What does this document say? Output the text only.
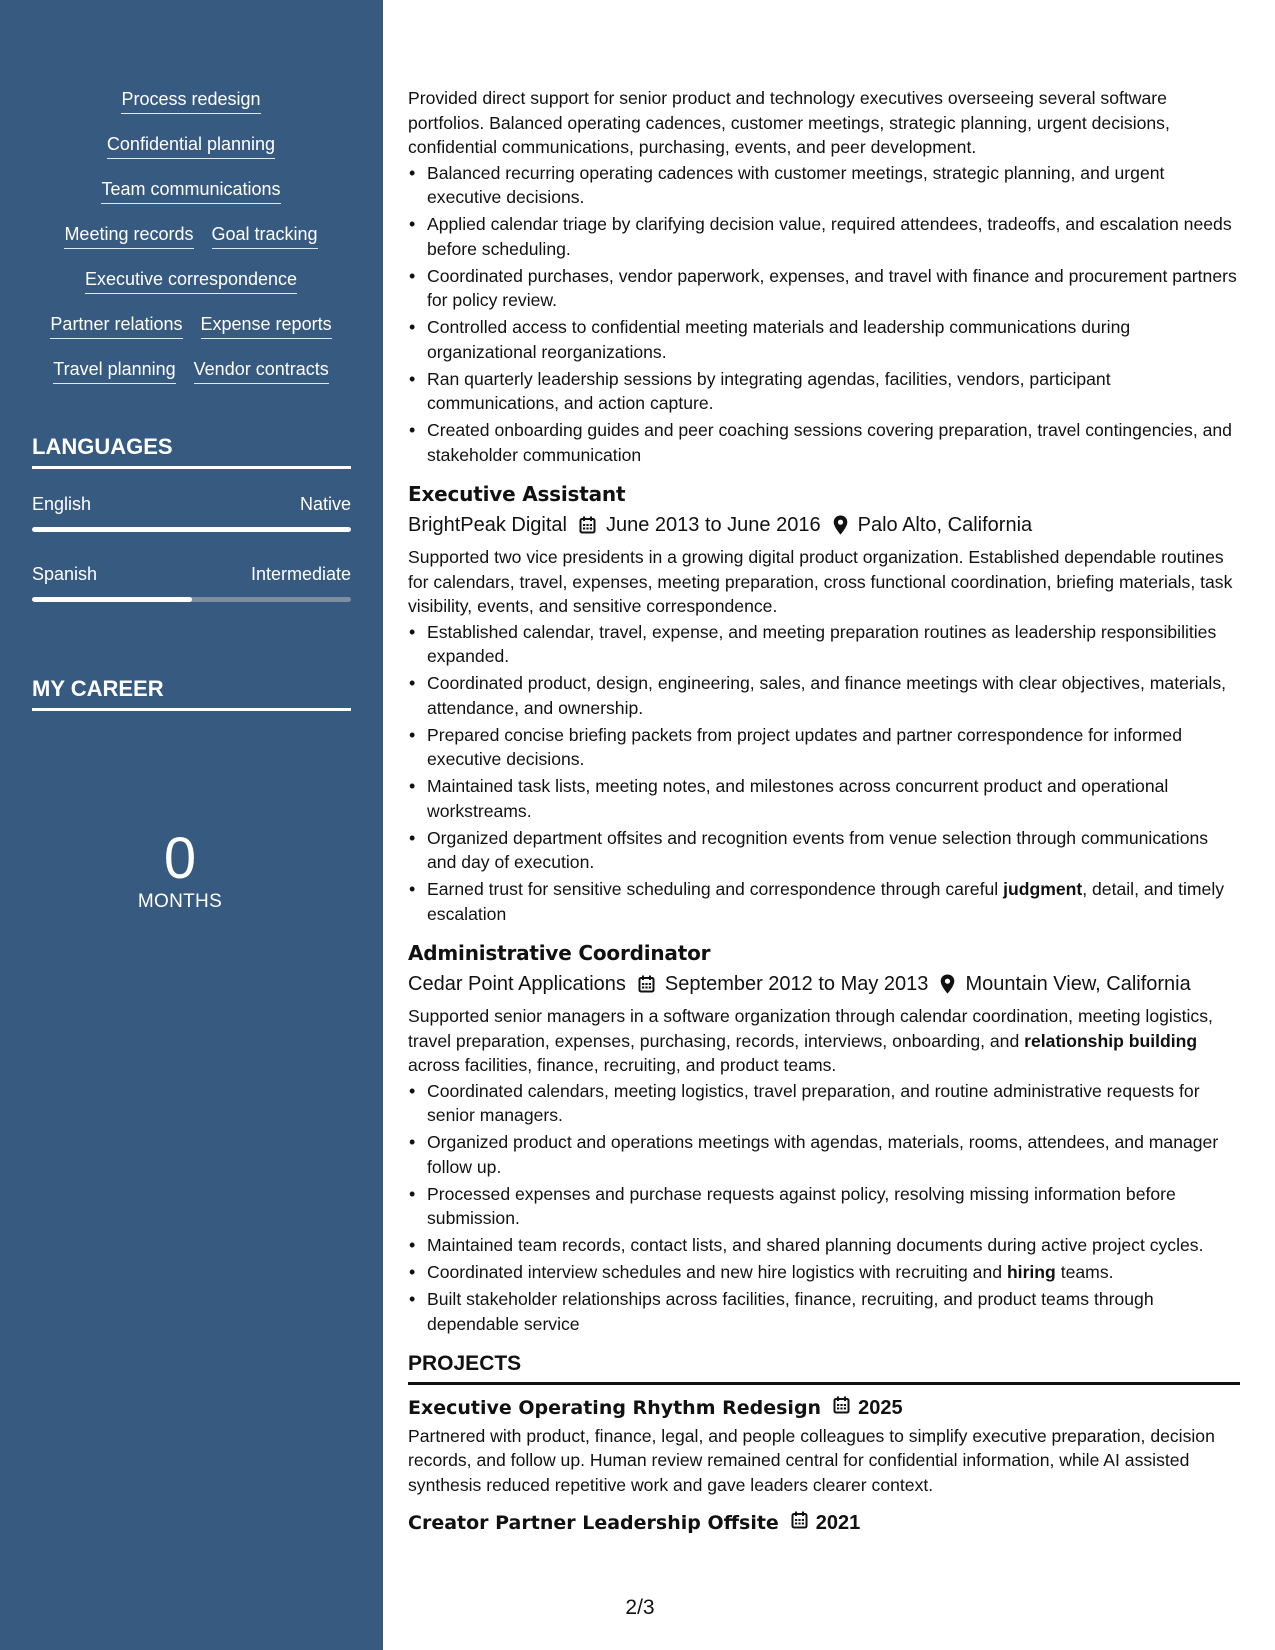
Process redesign
Confidential planning
Team communications
Meeting records Goal tracking
Executive correspondence
Partner relations Expense reports
Travel planning Vendor contracts
LANGUAGES
English	Native
Spanish	Intermediate
MY CAREER
0
MONTHS

Provided direct support for senior product and technology executives overseeing several software portfolios. Balanced operating cadences, customer meetings, strategic planning, urgent decisions, confidential communications, purchasing, events, and peer development.

• Balanced recurring operating cadences with customer meetings, strategic planning, and urgent executive decisions.
• Applied calendar triage by clarifying decision value, required attendees, tradeoffs, and escalation needs before scheduling.
• Coordinated purchases, vendor paperwork, expenses, and travel with finance and procurement partners for policy review.
• Controlled access to confidential meeting materials and leadership communications during organizational reorganizations.
• Ran quarterly leadership sessions by integrating agendas, facilities, vendors, participant communications, and action capture.
• Created onboarding guides and peer coaching sessions covering preparation, travel contingencies, and stakeholder communication
Executive Assistant
BrightPeak Digital June 2013 to June 2016 Palo Alto, California

Supported two vice presidents in a growing digital product organization. Established dependable routines for calendars, travel, expenses, meeting preparation, cross functional coordination, briefing materials, task visibility, events, and sensitive correspondence.

• Established calendar, travel, expense, and meeting preparation routines as leadership responsibilities expanded.
• Coordinated product, design, engineering, sales, and finance meetings with clear objectives, materials, attendance, and ownership.
• Prepared concise briefing packets from project updates and partner correspondence for informed executive decisions.
• Maintained task lists, meeting notes, and milestones across concurrent product and operational workstreams.
• Organized department offsites and recognition events from venue selection through communications and day of execution.
• Earned trust for sensitive scheduling and correspondence through careful judgment, detail, and timely escalation
Administrative Coordinator
Cedar Point Applications September 2012 to May 2013 Mountain View, California

Supported senior managers in a software organization through calendar coordination, meeting logistics, travel preparation, expenses, purchasing, records, interviews, onboarding, and relationship building across facilities, finance, recruiting, and product teams.

• Coordinated calendars, meeting logistics, travel preparation, and routine administrative requests for senior managers.
• Organized product and operations meetings with agendas, materials, rooms, attendees, and manager follow up.
• Processed expenses and purchase requests against policy, resolving missing information before submission.
• Maintained team records, contact lists, and shared planning documents during active project cycles.
• Coordinated interview schedules and new hire logistics with recruiting and hiring teams.
• Built stakeholder relationships across facilities, finance, recruiting, and product teams through dependable service
PROJECTS
Executive Operating Rhythm Redesign 2025

Partnered with product, finance, legal, and people colleagues to simplify executive preparation, decision records, and follow up. Human review remained central for confidential information, while AI assisted synthesis reduced repetitive work and gave leaders clearer context.

Creator Partner Leadership Offsite 2021
2/3
